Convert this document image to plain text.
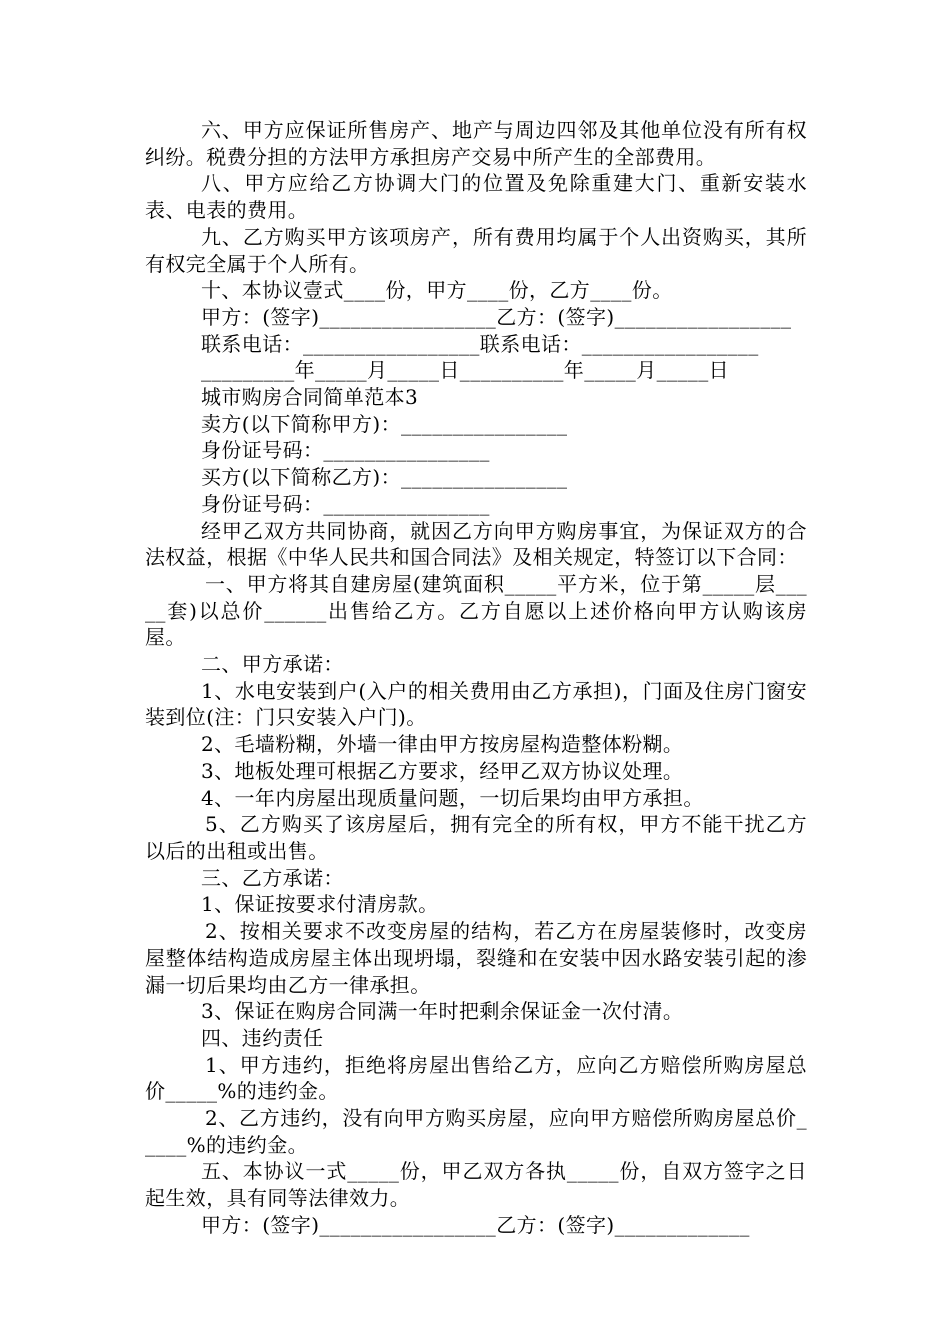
六、甲方应保证所售房产、地产与周边四邻及其他单位没有所有权纠纷。税费分担的方法甲方承担房产交易中所产生的全部费用。

八、甲方应给乙方协调大门的位置及免除重建大门、重新安装水表、电表的费用。

九、乙方购买甲方该项房产，所有费用均属于个人出资购买，其所有权完全属于个人所有。

十、本协议壹式____份，甲方____份，乙方____份。

甲方：(签字)_________________乙方：(签字)_________________

联系电话：_________________联系电话：_________________

_________年_____月_____日__________年_____月_____日

城市购房合同简单范本3

卖方(以下简称甲方)：________________

身份证号码：________________

买方(以下简称乙方)：________________

身份证号码：________________

经甲乙双方共同协商，就因乙方向甲方购房事宜，为保证双方的合法权益，根据《中华人民共和国合同法》及相关规定，特签订以下合同：

一、甲方将其自建房屋(建筑面积_____平方米，位于第_____层_____套)以总价______出售给乙方。乙方自愿以上述价格向甲方认购该房屋。

二、甲方承诺：

1、水电安装到户(入户的相关费用由乙方承担)，门面及住房门窗安装到位(注：门只安装入户门)。

2、毛墙粉糊，外墙一律由甲方按房屋构造整体粉糊。

3、地板处理可根据乙方要求，经甲乙双方协议处理。

4、一年内房屋出现质量问题，一切后果均由甲方承担。

5、乙方购买了该房屋后，拥有完全的所有权，甲方不能干扰乙方以后的出租或出售。

三、乙方承诺：

1、保证按要求付清房款。

2、按相关要求不改变房屋的结构，若乙方在房屋装修时，改变房屋整体结构造成房屋主体出现坍塌，裂缝和在安装中因水路安装引起的渗漏一切后果均由乙方一律承担。

3、保证在购房合同满一年时把剩余保证金一次付清。

四、违约责任

1、甲方违约，拒绝将房屋出售给乙方，应向乙方赔偿所购房屋总价_____%的违约金。

2、乙方违约，没有向甲方购买房屋，应向甲方赔偿所购房屋总价_____%的违约金。

五、本协议一式_____份，甲乙双方各执_____份，自双方签字之日起生效，具有同等法律效力。

甲方：(签字)_________________乙方：(签字)_____________
